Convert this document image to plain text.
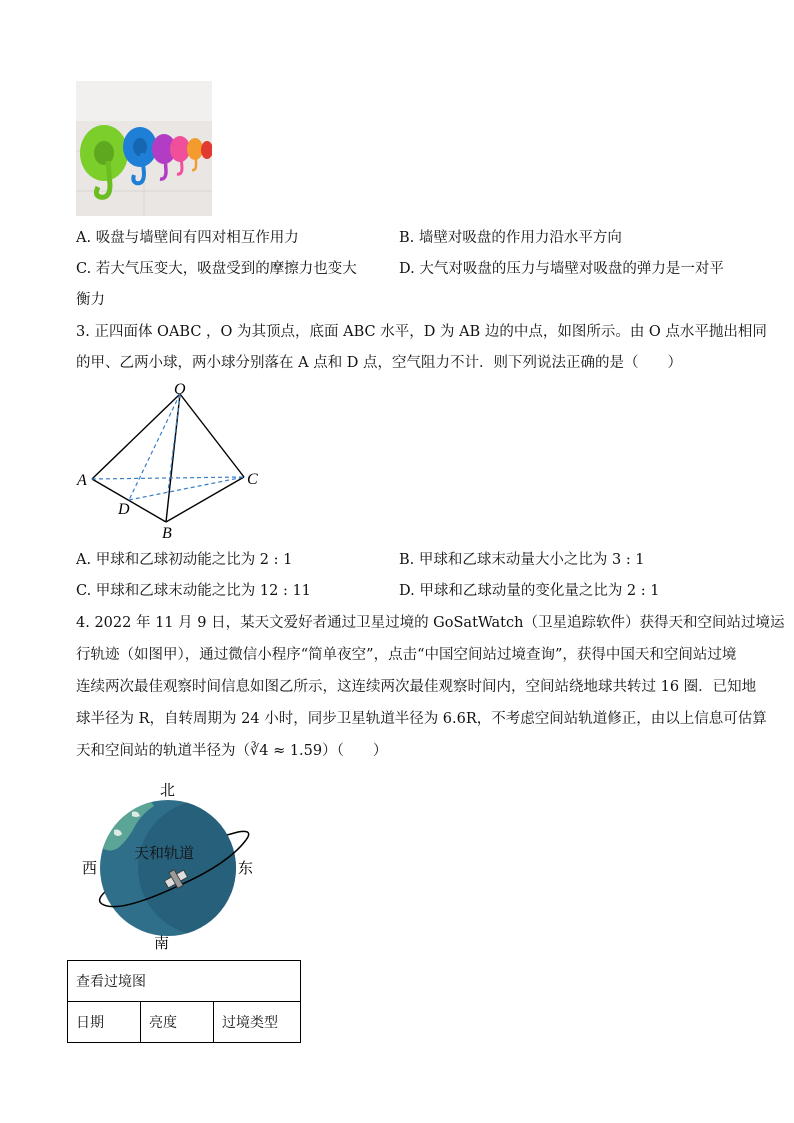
A. 吸盘与墙壁间有四对相互作用力	B. 墙壁对吸盘的作用力沿水平方向
C. 若大气压变大，吸盘受到的摩擦力也变大	D. 大气对吸盘的压力与墙壁对吸盘的弹力是一对平
衡力
3. 正四面体 OABC ，O 为其顶点，底面 ABC 水平，D 为 AB 边的中点，如图所示。由 O 点水平抛出相同
的甲、乙两小球，两小球分别落在 A 点和 D 点，空气阻力不计．则下列说法正确的是（　　）
O
A	C
D
B
A. 甲球和乙球初动能之比为 2 : 1	B. 甲球和乙球末动量大小之比为 3 : 1
C. 甲球和乙球末动能之比为 12 : 11	D. 甲球和乙球动量的变化量之比为 2 : 1
4. 2022 年 11 月 9 日，某天文爱好者通过卫星过境的 GoSatWatch（卫星追踪软件）获得天和空间站过境运
行轨迹（如图甲），通过微信小程序“简单夜空”，点击“中国空间站过境查询”，获得中国天和空间站过境
连续两次最佳观察时间信息如图乙所示，这连续两次最佳观察时间内，空间站绕地球共转过 16 圈．已知地
球半径为 R，自转周期为 24 小时，同步卫星轨道半径为 6.6R，不考虑空间站轨道修正，由以上信息可估算
天和空间站的轨道半径为（∛4 ≈ 1.59）（　　）
北
南
西	东
天和轨道
查看过境图
日期	亮度	过境类型
